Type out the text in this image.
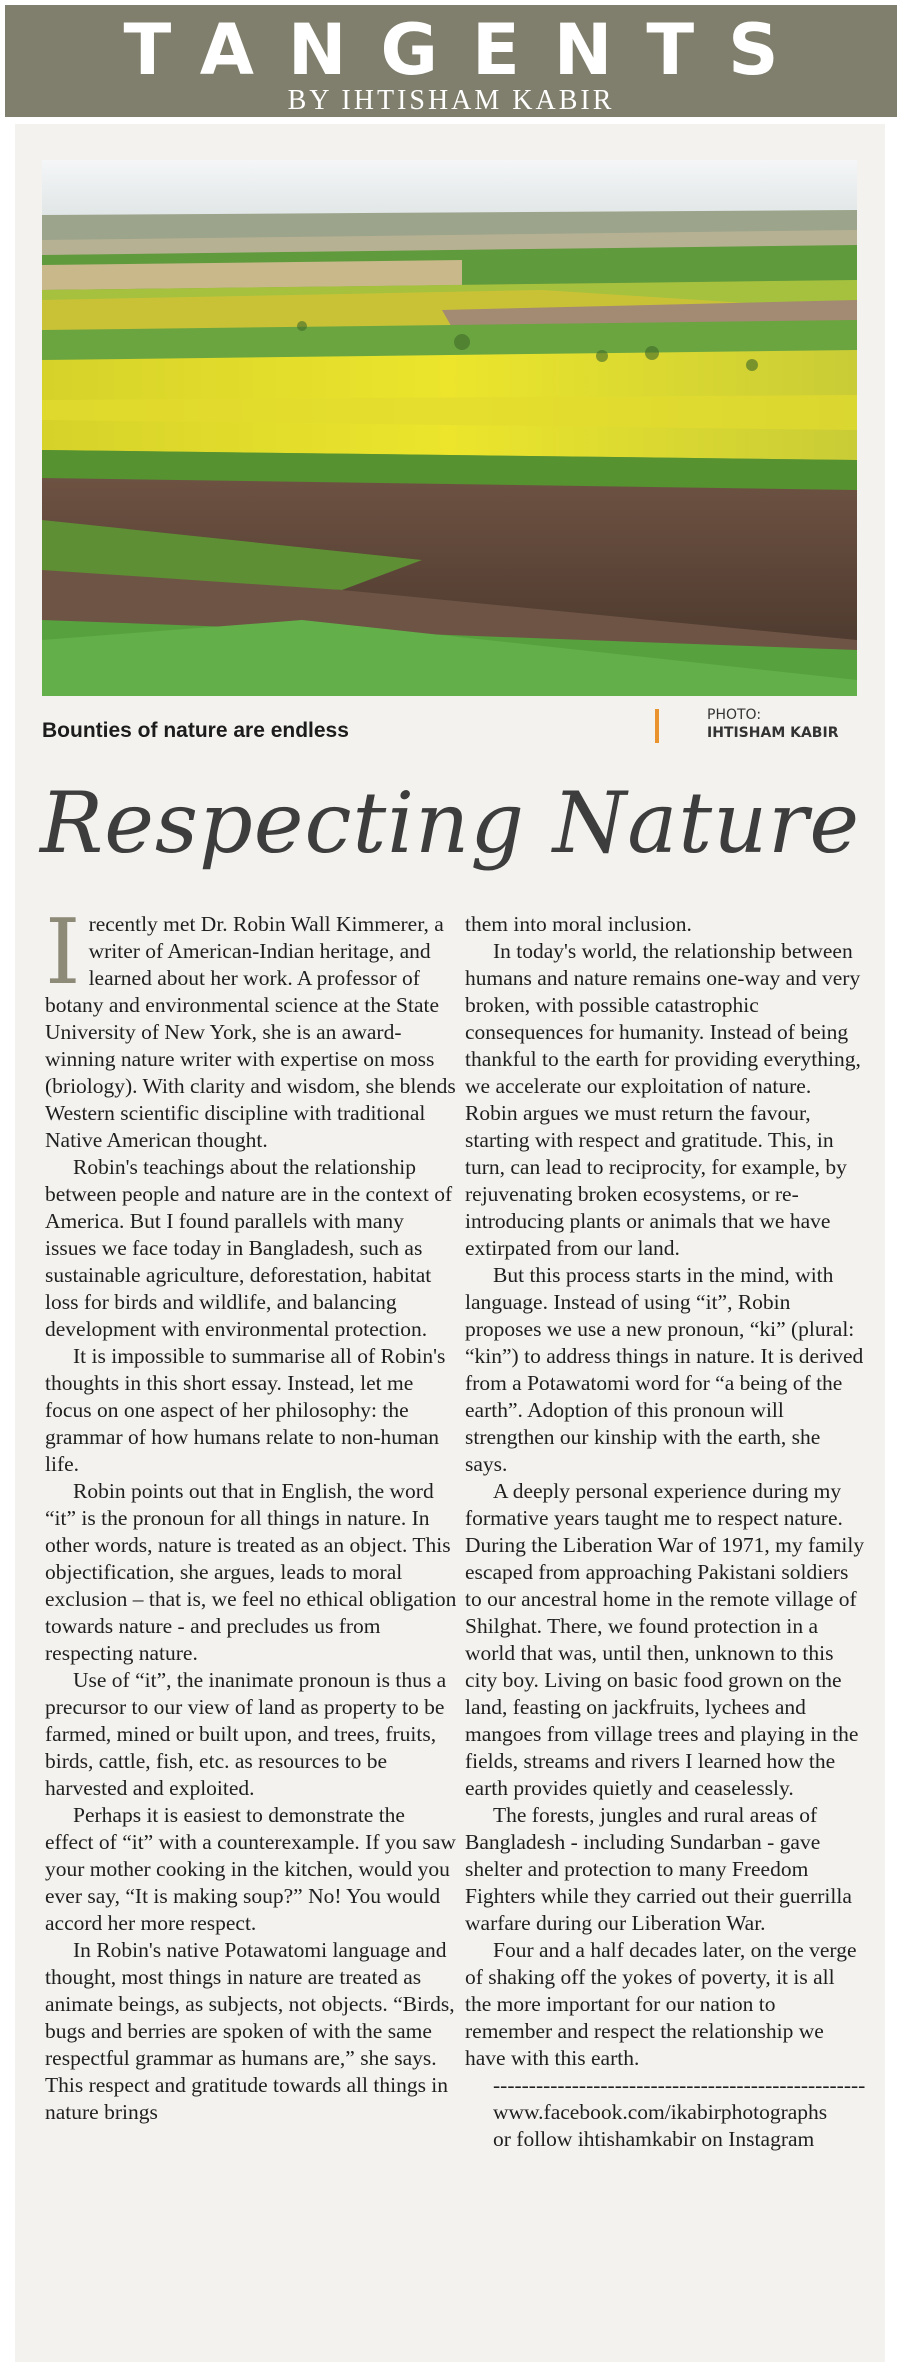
TANGENTS
BY IHTISHAM KABIR
Bounties of nature are endless
PHOTO:
IHTISHAM KABIR
Respecting Nature
I recently met Dr. Robin Wall Kimmerer, a writer of American-Indian heritage, and learned about her work. A professor of botany and environmental science at the State University of New York, she is an award-winning nature writer with expertise on moss (briology). With clarity and wisdom, she blends Western scientific discipline with traditional Native American thought.

Robin's teachings about the relationship between people and nature are in the context of America. But I found parallels with many issues we face today in Bangladesh, such as sustainable agriculture, deforestation, habitat loss for birds and wildlife, and balancing development with environmental protection.

It is impossible to summarise all of Robin's thoughts in this short essay. Instead, let me focus on one aspect of her philosophy: the grammar of how humans relate to non-human life.

Robin points out that in English, the word “it” is the pronoun for all things in nature. In other words, nature is treated as an object. This objectification, she argues, leads to moral exclusion – that is, we feel no ethical obligation towards nature - and precludes us from respecting nature.

Use of “it”, the inanimate pronoun is thus a precursor to our view of land as property to be farmed, mined or built upon, and trees, fruits, birds, cattle, fish, etc. as resources to be harvested and exploited.

Perhaps it is easiest to demonstrate the effect of “it” with a counterexample. If you saw your mother cooking in the kitchen, would you ever say, “It is making soup?” No! You would accord her more respect.

In Robin's native Potawatomi language and thought, most things in nature are treated as animate beings, as subjects, not objects. “Birds, bugs and berries are spoken of with the same respectful grammar as humans are,” she says. This respect and gratitude towards all things in nature brings

them into moral inclusion.

In today's world, the relationship between humans and nature remains one-way and very broken, with possible catastrophic consequences for humanity. Instead of being thankful to the earth for providing everything, we accelerate our exploitation of nature. Robin argues we must return the favour, starting with respect and gratitude. This, in turn, can lead to reciprocity, for example, by rejuvenating broken ecosystems, or re-introducing plants or animals that we have extirpated from our land.

But this process starts in the mind, with language. Instead of using “it”, Robin proposes we use a new pronoun, “ki” (plural: “kin”) to address things in nature. It is derived from a Potawatomi word for “a being of the earth”. Adoption of this pronoun will strengthen our kinship with the earth, she says.

A deeply personal experience during my formative years taught me to respect nature. During the Liberation War of 1971, my family escaped from approaching Pakistani soldiers to our ancestral home in the remote village of Shilghat. There, we found protection in a world that was, until then, unknown to this city boy. Living on basic food grown on the land, feasting on jackfruits, lychees and mangoes from village trees and playing in the fields, streams and rivers I learned how the earth provides quietly and ceaselessly.

The forests, jungles and rural areas of Bangladesh - including Sundarban - gave shelter and protection to many Freedom Fighters while they carried out their guerrilla warfare during our Liberation War.

Four and a half decades later, on the verge of shaking off the yokes of poverty, it is all the more important for our nation to remember and respect the relationship we have with this earth.

----------------------------------------------------

www.facebook.com/ikabirphotographs

or follow ihtishamkabir on Instagram
